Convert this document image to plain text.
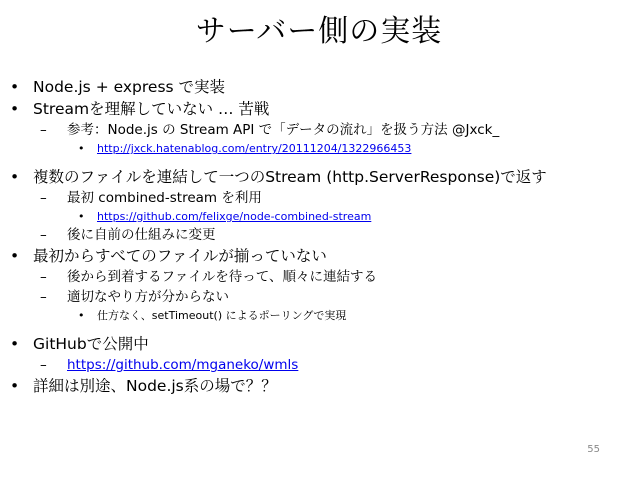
サーバー側の実装
• Node.js + express で実装
• Streamを理解していない … 苦戦
– 参考：Node.js の Stream API で「データの流れ」を扱う方法 @Jxck_
• http://jxck.hatenablog.com/entry/20111204/1322966453
• 複数のファイルを連結して一つのStream (http.ServerResponse)で返す
– 最初 combined-stream を利用
• https://github.com/felixge/node-combined-stream
– 後に自前の仕組みに変更
• 最初からすべてのファイルが揃っていない
– 後から到着するファイルを待って、順々に連結する
– 適切なやり方が分からない
• 仕方なく、setTimeout() によるポーリングで実現
• GitHubで公開中
– https://github.com/mganeko/wmls
• 詳細は別途、Node.js系の場で？？
55
